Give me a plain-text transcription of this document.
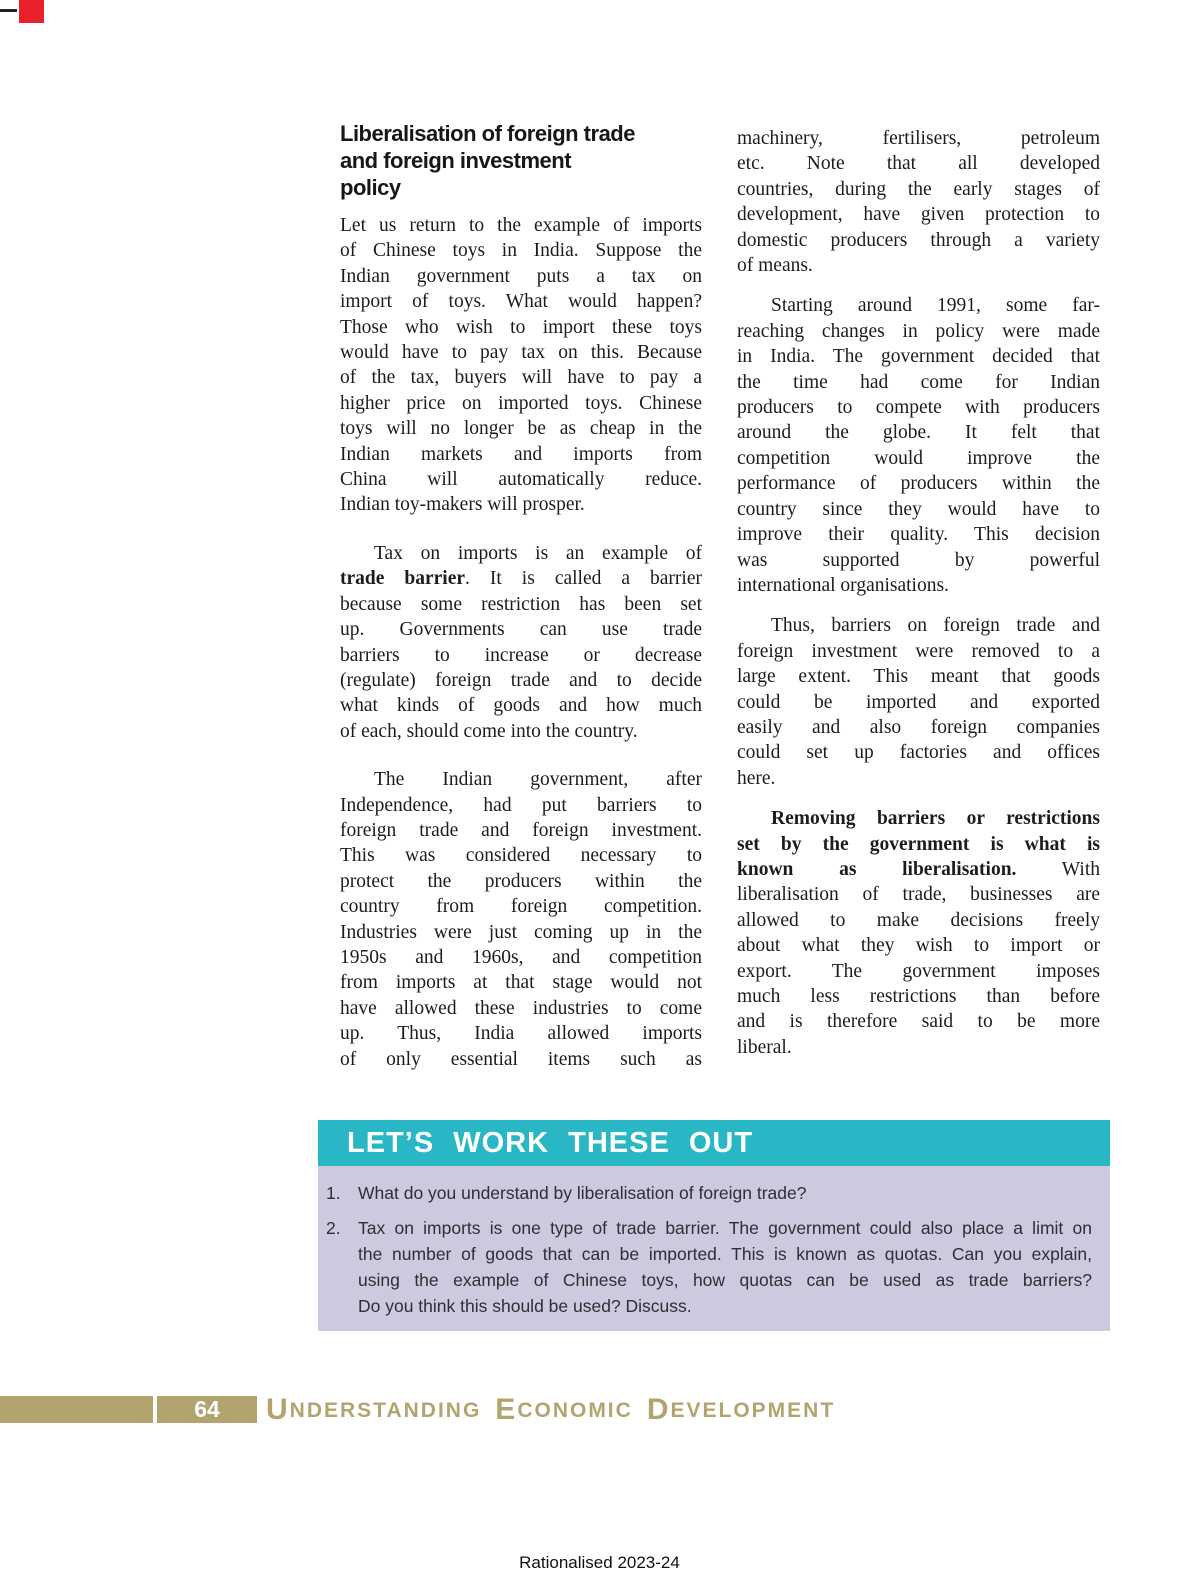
Liberalisation of foreign trade
and foreign investment
policy
Let us return to the example of imports
of Chinese toys in India. Suppose the
Indian government puts a tax on
import of toys. What would happen?
Those who wish to import these toys
would have to pay tax on this. Because
of the tax, buyers will have to pay a
higher price on imported toys. Chinese
toys will no longer be as cheap in the
Indian markets and imports from
China will automatically reduce.
Indian toy-makers will prosper.
Tax on imports is an example of
trade barrier. It is called a barrier
because some restriction has been set
up. Governments can use trade
barriers to increase or decrease
(regulate) foreign trade and to decide
what kinds of goods and how much
of each, should come into the country.
The Indian government, after
Independence, had put barriers to
foreign trade and foreign investment.
This was considered necessary to
protect the producers within the
country from foreign competition.
Industries were just coming up in the
1950s and 1960s, and competition
from imports at that stage would not
have allowed these industries to come
up. Thus, India allowed imports
of only essential items such as
machinery, fertilisers, petroleum
etc. Note that all developed
countries, during the early stages of
development, have given protection to
domestic producers through a variety
of means.
Starting around 1991, some far-
reaching changes in policy were made
in India. The government decided that
the time had come for Indian
producers to compete with producers
around the globe. It felt that
competition would improve the
performance of producers within the
country since they would have to
improve their quality. This decision
was supported by powerful
international organisations.
Thus, barriers on foreign trade and
foreign investment were removed to a
large extent. This meant that goods
could be imported and exported
easily and also foreign companies
could set up factories and offices
here.
Removing barriers or restrictions
set by the government is what is
known as liberalisation. With
liberalisation of trade, businesses are
allowed to make decisions freely
about what they wish to import or
export. The government imposes
much less restrictions than before
and is therefore said to be more
liberal.
LET’S WORK THESE OUT
1. What do you understand by liberalisation of foreign trade?
2. Tax on imports is one type of trade barrier. The government could also place a limit on
the number of goods that can be imported. This is known as quotas. Can you explain,
using the example of Chinese toys, how quotas can be used as trade barriers?
Do you think this should be used? Discuss.
64	U NDERSTANDING E CONOMIC D EVELOPMENT
Rationalised 2023-24
